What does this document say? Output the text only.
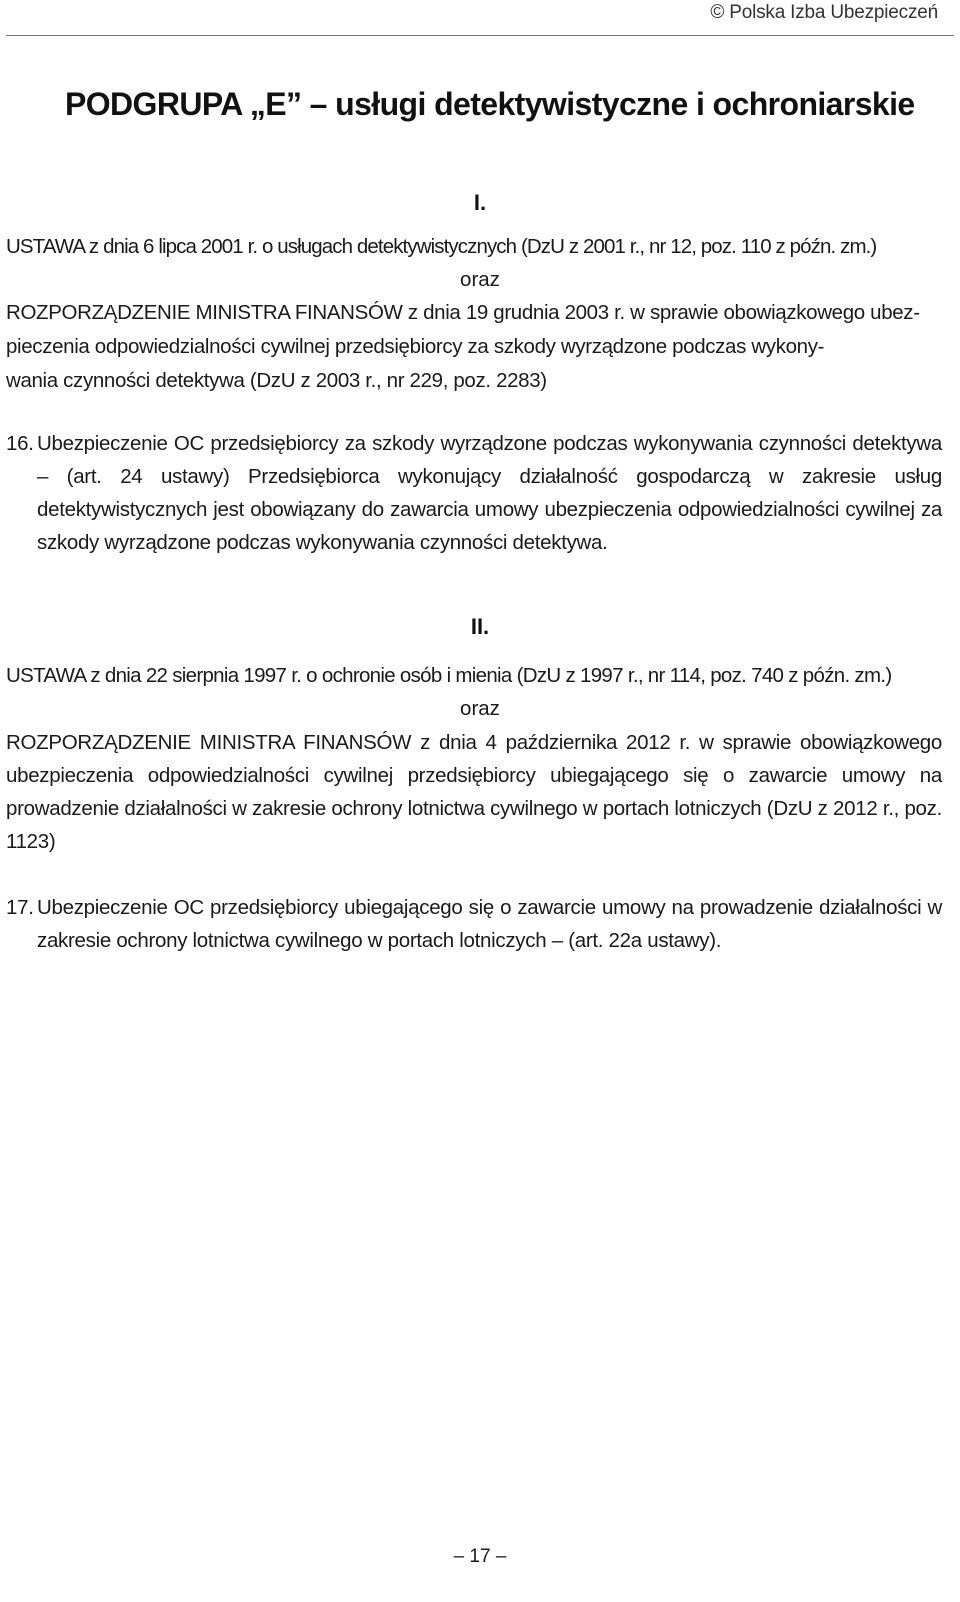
© Polska Izba Ubezpieczeń
PODGRUPA „E” – usługi detektywistyczne i ochroniarskie
I.
USTAWA z dnia 6 lipca 2001 r. o usługach detektywistycznych (DzU z 2001 r., nr 12, poz. 110 z późn. zm.)
oraz
ROZPORZĄDZENIE MINISTRA FINANSÓW z dnia 19 grudnia 2003 r. w sprawie obowiązkowego ubez-
pieczenia odpowiedzialności cywilnej przedsiębiorcy za szkody wyrządzone podczas wykony-
wania czynności detektywa (DzU z 2003 r., nr 229, poz. 2283)
16. Ubezpieczenie OC przedsiębiorcy za szkody wyrządzone podczas wykonywania czynności detektywa – (art. 24 ustawy) Przedsiębiorca wykonujący działalność gospodarczą w zakresie usług detektywistycznych jest obowiązany do zawarcia umowy ubezpieczenia odpowiedzialności cywilnej za szkody wyrządzone podczas wykonywania czynności detektywa.

II.
USTAWA z dnia 22 sierpnia 1997 r. o ochronie osób i mienia (DzU z 1997 r., nr 114, poz. 740 z późn. zm.)
oraz

ROZPORZĄDZENIE MINISTRA FINANSÓW z dnia 4 października 2012 r. w sprawie obowiązkowego ubezpieczenia odpowiedzialności cywilnej przedsiębiorcy ubiegającego się o zawarcie umowy na prowadzenie działalności w zakresie ochrony lotnictwa cywilnego w portach lotniczych (DzU z 2012 r., poz. 1123)

17. Ubezpieczenie OC przedsiębiorcy ubiegającego się o zawarcie umowy na prowadzenie działalności w zakresie ochrony lotnictwa cywilnego w portach lotniczych – (art. 22a ustawy).

– 17 –
